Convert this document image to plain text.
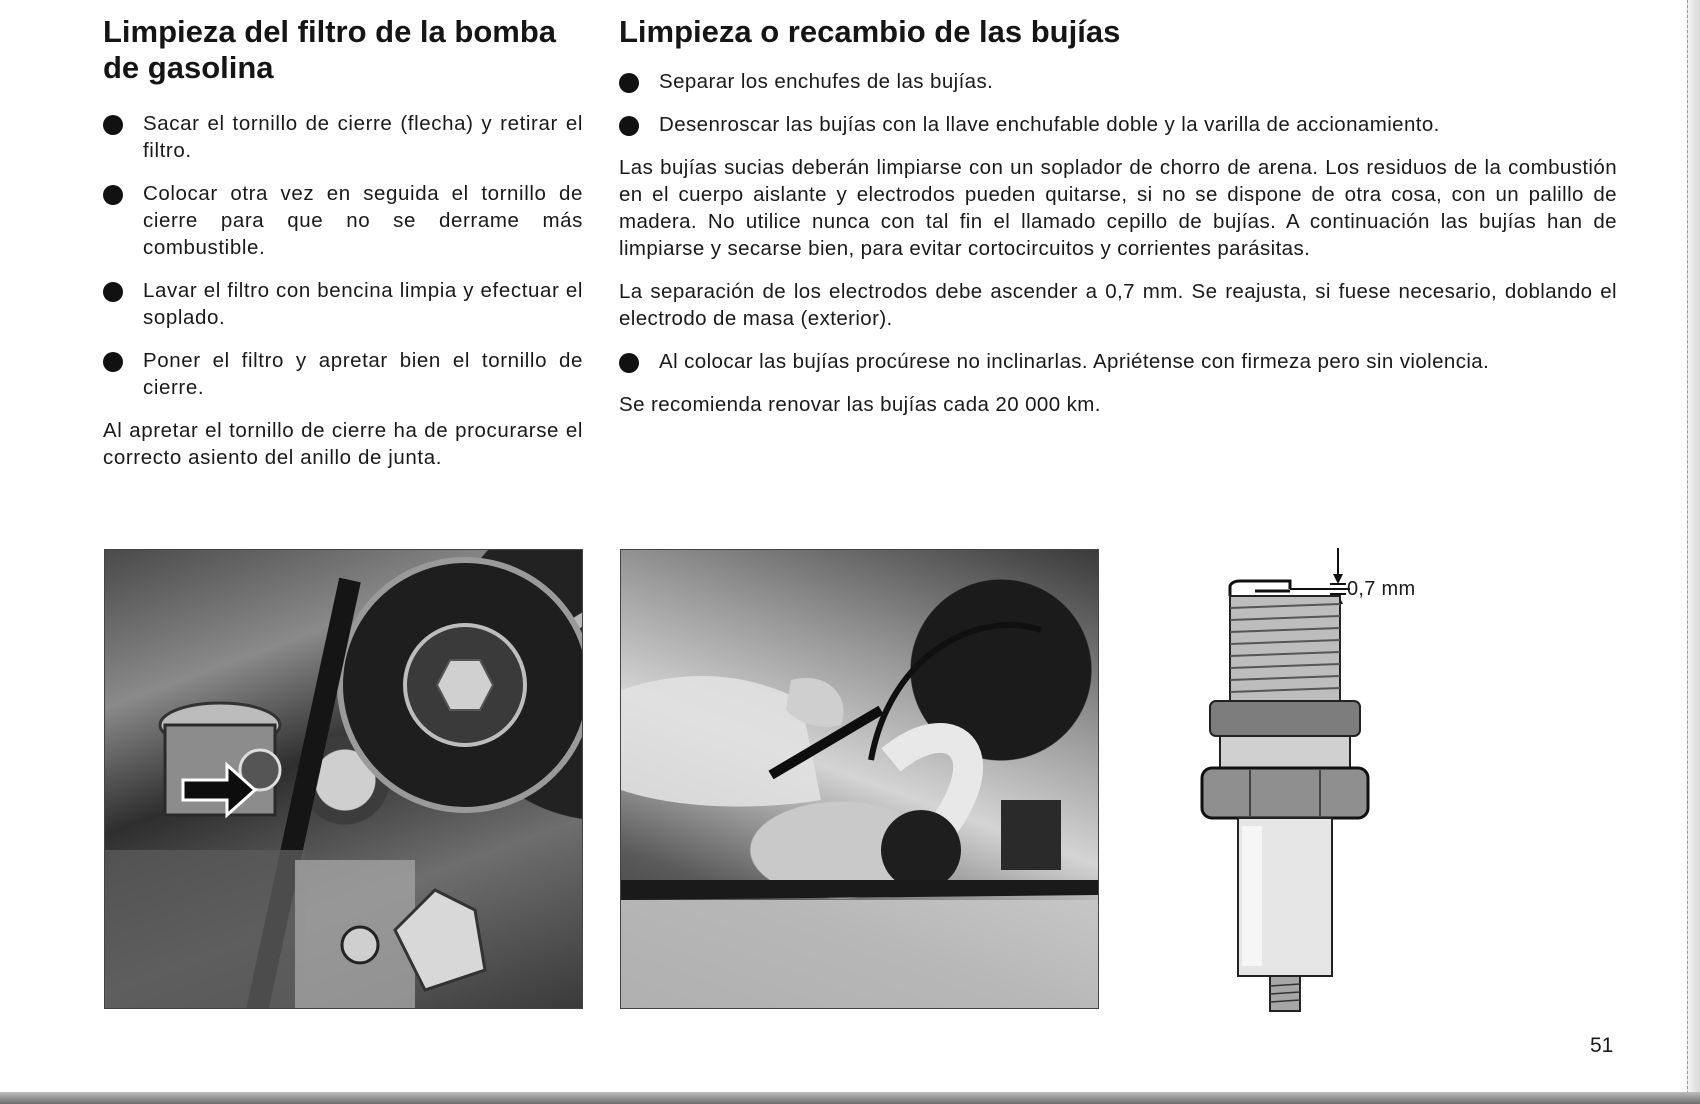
Limpieza del filtro de la bomba de gasolina
Sacar el tornillo de cierre (flecha) y retirar el filtro.
Colocar otra vez en seguida el tornillo de cierre para que no se derrame más combustible.
Lavar el filtro con bencina limpia y efectuar el soplado.
Poner el filtro y apretar bien el tornillo de cierre.

Al apretar el tornillo de cierre ha de procurarse el correcto asiento del anillo de junta.

Limpieza o recambio de las bujías
Separar los enchufes de las bujías.
Desenroscar las bujías con la llave enchufable doble y la varilla de accionamiento.

Las bujías sucias deberán limpiarse con un soplador de chorro de arena. Los residuos de la combustión en el cuerpo aislante y electrodos pueden quitarse, si no se dispone de otra cosa, con un palillo de madera. No utilice nunca con tal fin el llamado cepillo de bujías. A continuación las bujías han de limpiarse y secarse bien, para evitar cortocircuitos y corrientes parásitas.

La separación de los electrodos debe ascender a 0,7 mm. Se reajusta, si fuese necesario, doblando el electrodo de masa (exterior).

Al colocar las bujías procúrese no inclinarlas. Apriétense con firmeza pero sin violencia.

Se recomienda renovar las bujías cada 20 000 km.

0,7 mm
51
